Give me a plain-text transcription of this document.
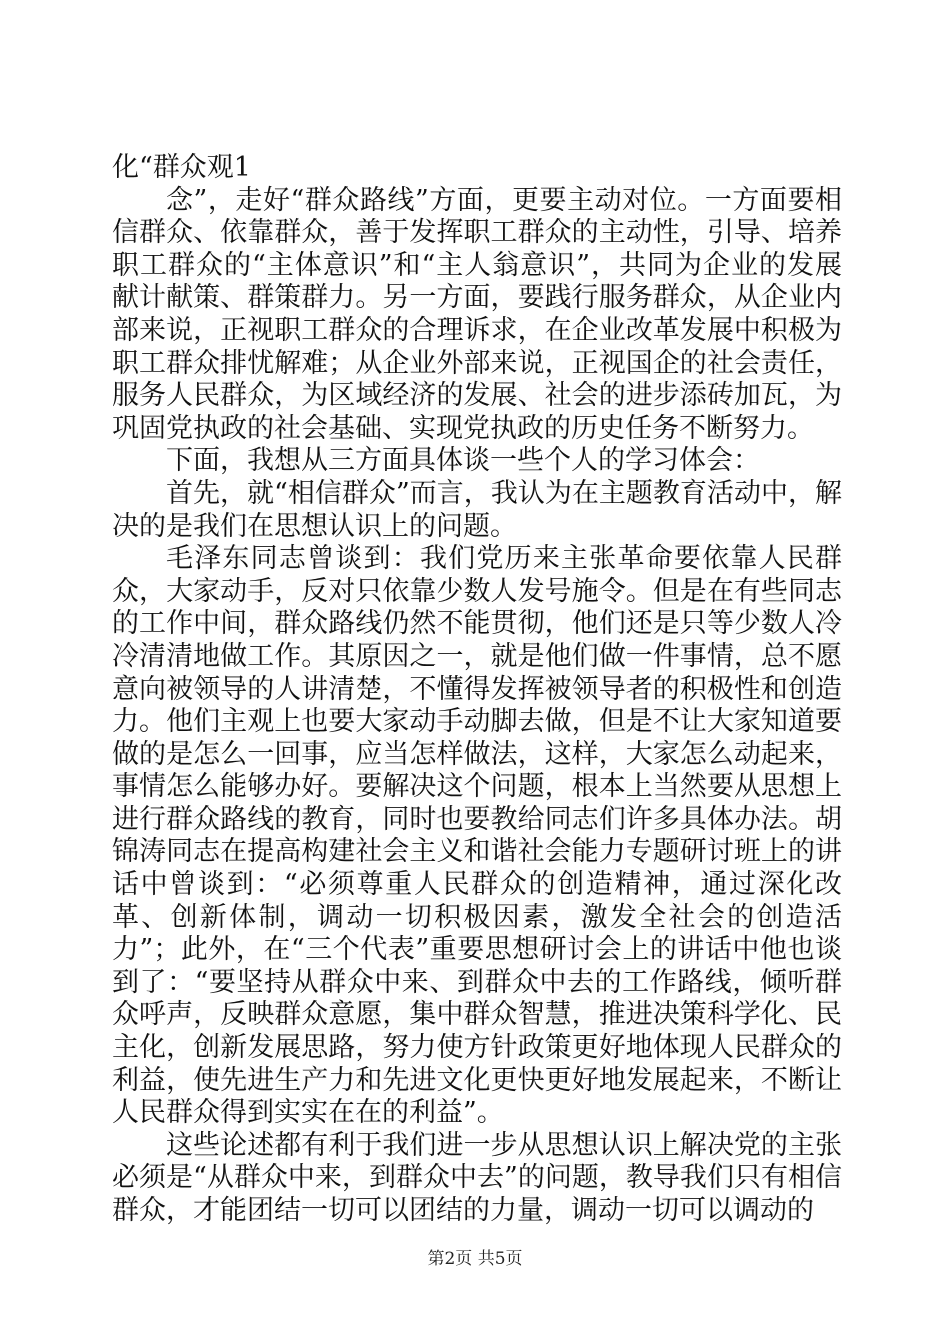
化“群众观1

念”，走好“群众路线”方面，更要主动对位。一方面要相信群众、依靠群众，善于发挥职工群众的主动性，引导、培养职工群众的“主体意识”和“主人翁意识”，共同为企业的发展献计献策、群策群力。另一方面，要践行服务群众，从企业内部来说，正视职工群众的合理诉求，在企业改革发展中积极为职工群众排忧解难；从企业外部来说，正视国企的社会责任，服务人民群众，为区域经济的发展、社会的进步添砖加瓦，为巩固党执政的社会基础、实现党执政的历史任务不断努力。

下面，我想从三方面具体谈一些个人的学习体会：

首先，就“相信群众”而言，我认为在主题教育活动中，解决的是我们在思想认识上的问题。

毛泽东同志曾谈到：我们党历来主张革命要依靠人民群众，大家动手，反对只依靠少数人发号施令。但是在有些同志的工作中间，群众路线仍然不能贯彻，他们还是只等少数人冷冷清清地做工作。其原因之一，就是他们做一件事情，总不愿意向被领导的人讲清楚，不懂得发挥被领导者的积极性和创造力。他们主观上也要大家动手动脚去做，但是不让大家知道要做的是怎么一回事，应当怎样做法，这样，大家怎么动起来，事情怎么能够办好。要解决这个问题，根本上当然要从思想上进行群众路线的教育，同时也要教给同志们许多具体办法。胡锦涛同志在提高构建社会主义和谐社会能力专题研讨班上的讲话中曾谈到：“必须尊重人民群众的创造精神，通过深化改革、创新体制，调动一切积极因素，激发全社会的创造活力”；此外，在“三个代表”重要思想研讨会上的讲话中他也谈到了：“要坚持从群众中来、到群众中去的工作路线，倾听群众呼声，反映群众意愿，集中群众智慧，推进决策科学化、民主化，创新发展思路，努力使方针政策更好地体现人民群众的利益，使先进生产力和先进文化更快更好地发展起来，不断让人民群众得到实实在在的利益”。

这些论述都有利于我们进一步从思想认识上解决党的主张必须是“从群众中来，到群众中去”的问题，教导我们只有相信群众，才能团结一切可以团结的力量，调动一切可以调动的

第2页 共5页
